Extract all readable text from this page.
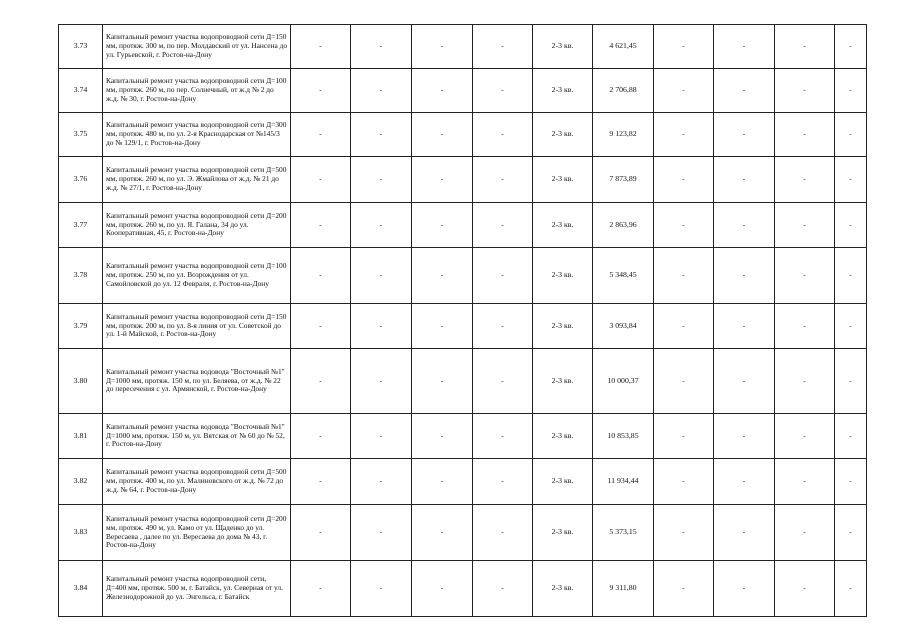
3.73	Капитальный ремонт участка водопроводной сети Д=150 мм, протяж. 300 м, по пер. Молдавский от ул. Нансена до ул. Гурьевской, г. Ростов-на-Дону	-	-	-	-	2-3 кв.	4 621,45	-	-	-	-
3.74	Капитальный ремонт участка водопроводной сети Д=100 мм, протяж. 260 м, по пер. Солнечный, от ж.д № 2 до ж.д. № 30, г. Ростов-на-Дону	-	-	-	-	2-3 кв.	2 706,88	-	-	-	-
3.75	Капитальный ремонт участка водопроводной сети Д=300 мм, протяж. 480 м, по ул. 2-я Краснодарская от №145/3 до № 129/1, г. Ростов-на-Дону	-	-	-	-	2-3 кв.	9 123,82	-	-	-	-
3.76	Капитальный ремонт участка водопроводной сети Д=500 мм, протяж. 260 м, по ул. Э. Жмайлова от ж.д. № 21 до ж.д. № 27/1, г. Ростов-на-Дону	-	-	-	-	2-3 кв.	7 873,89	-	-	-	-
3.77	Капитальный ремонт участка водопроводной сети Д=200 мм, протяж. 260 м, по ул. Я. Галана, 34 до ул. Кооперативная, 45, г. Ростов-на-Дону	-	-	-	-	2-3 кв.	2 863,96	-	-	-	-
3.78	Капитальный ремонт участка водопроводной сети Д=100 мм, протяж. 250 м, по ул. Возрождения от ул. Самойловской до ул. 12 Февраля, г. Ростов-на-Дону	-	-	-	-	2-3 кв.	5 348,45	-	-	-	-
3.79	Капитальный ремонт участка водопроводной сети Д=150 мм, протяж. 200 м, по ул. 8-я линия от ул. Советской до ул. 1-й Майской, г. Ростов-на-Дону	-	-	-	-	2-3 кв.	3 093,84	-	-	-	-
3.80	Капитальный ремонт участка водовода "Восточный №1" Д=1000 мм, протяж. 150 м, по ул. Беляева, от ж.д. № 22 до пересечения с ул. Армянской, г. Ростов-на-Дону	-	-	-	-	2-3 кв.	10 000,37	-	-	-	-
3.81	Капитальный ремонт участка водовода "Восточный №1" Д=1000 мм, протяж. 150 м, ул. Вятская от № 60 до № 52, г. Ростов-на-Дону	-	-	-	-	2-3 кв.	10 853,85	-	-	-	-
3.82	Капитальный ремонт участка водопроводной сети Д=500 мм, протяж. 400 м, по ул. Малиновского от ж.д. № 72 до ж.д. № 64, г. Ростов-на-Дону	-	-	-	-	2-3 кв.	11 934,44	-	-	-	-
3.83	Капитальный ремонт участка водопроводной сети Д=200 мм, протяж. 490 м, ул. Камо от ул. Щаденко до ул. Вересаева , далее по ул. Вересаева до дома № 43, г. Ростов-на-Дону	-	-	-	-	2-3 кв.	5 373,15	-	-	-	-
3.84	Капитальный ремонт участка водопроводной сети, Д=400 мм, протяж. 500 м, г. Батайск, ул. Северная от ул. Железнодорожной до ул. Энгельса, г. Батайск	-	-	-	-	2-3 кв.	9 311,80	-	-	-	-
